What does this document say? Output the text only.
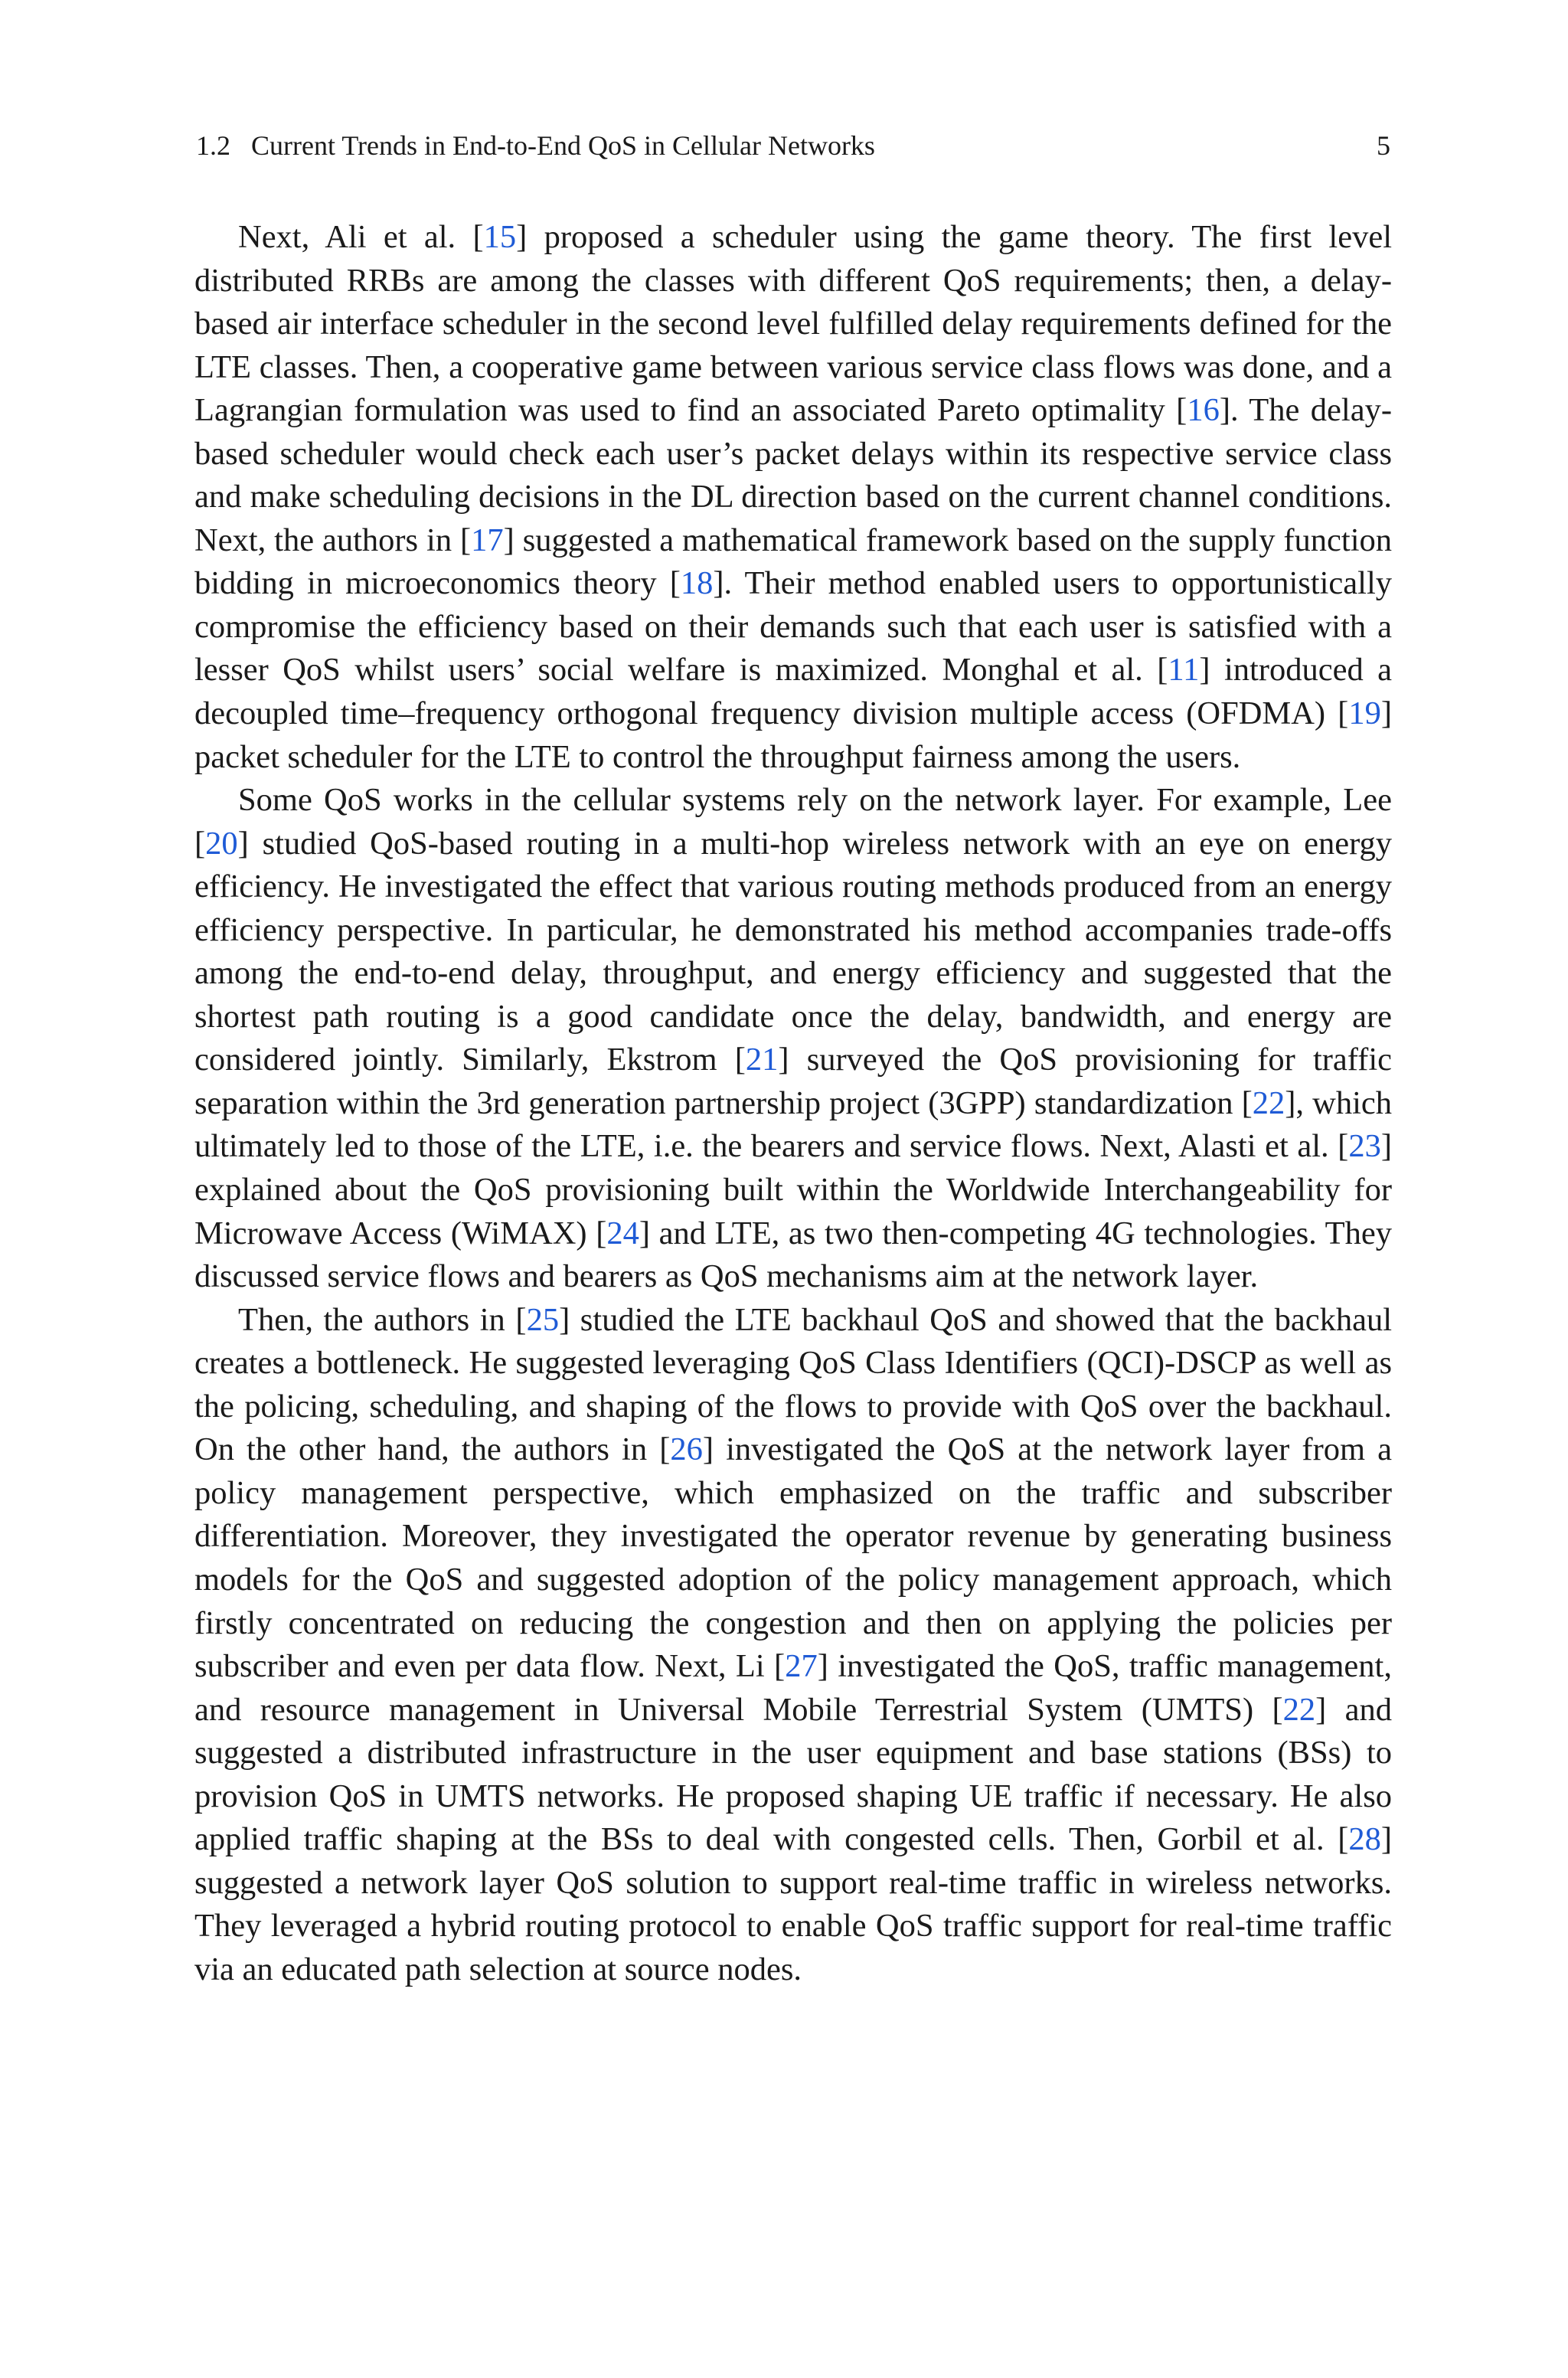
1.2 Current Trends in End-to-End QoS in Cellular Networks	5

Next, Ali et al. [15] proposed a scheduler using the game theory. The first level distributed RRBs are among the classes with different QoS requirements; then, a delay-based air interface scheduler in the second level fulfilled delay requirements defined for the LTE classes. Then, a cooperative game between various service class flows was done, and a Lagrangian formulation was used to find an associated Pareto optimality [16]. The delay-based scheduler would check each user’s packet delays within its respective service class and make scheduling decisions in the DL direction based on the current channel conditions. Next, the authors in [17] suggested a mathematical framework based on the supply function bidding in microeconomics theory [18]. Their method enabled users to opportunistically compromise the efficiency based on their demands such that each user is satisfied with a lesser QoS whilst users’ social welfare is maximized. Monghal et al. [11] introduced a decoupled time–frequency orthogonal frequency division multiple access (OFDMA) [19] packet scheduler for the LTE to control the throughput fairness among the users.

Some QoS works in the cellular systems rely on the network layer. For example, Lee [20] studied QoS-based routing in a multi-hop wireless network with an eye on energy efficiency. He investigated the effect that various routing methods produced from an energy efficiency perspective. In particular, he demonstrated his method accompanies trade-offs among the end-to-end delay, throughput, and energy efficiency and suggested that the shortest path routing is a good candidate once the delay, bandwidth, and energy are considered jointly. Similarly, Ekstrom [21] surveyed the QoS provisioning for traffic separation within the 3rd generation partnership project (3GPP) standardization [22], which ultimately led to those of the LTE, i.e. the bearers and service flows. Next, Alasti et al. [23] explained about the QoS provisioning built within the Worldwide Interchangeability for Microwave Access (WiMAX) [24] and LTE, as two then-competing 4G technologies. They discussed service flows and bearers as QoS mechanisms aim at the network layer.

Then, the authors in [25] studied the LTE backhaul QoS and showed that the backhaul creates a bottleneck. He suggested leveraging QoS Class Identifiers (QCI)-DSCP as well as the policing, scheduling, and shaping of the flows to provide with QoS over the backhaul. On the other hand, the authors in [26] investigated the QoS at the network layer from a policy management perspective, which emphasized on the traffic and subscriber differentiation. Moreover, they investigated the operator revenue by generating business models for the QoS and suggested adoption of the policy management approach, which firstly concentrated on reducing the congestion and then on applying the policies per subscriber and even per data flow. Next, Li [27] investigated the QoS, traffic management, and resource management in Universal Mobile Terrestrial System (UMTS) [22] and suggested a distributed infrastructure in the user equipment and base stations (BSs) to provision QoS in UMTS networks. He proposed shaping UE traffic if necessary. He also applied traffic shaping at the BSs to deal with congested cells. Then, Gorbil et al. [28] suggested a network layer QoS solution to support real-time traffic in wireless networks. They leveraged a hybrid routing protocol to enable QoS traffic support for real-time traffic via an educated path selection at source nodes.
